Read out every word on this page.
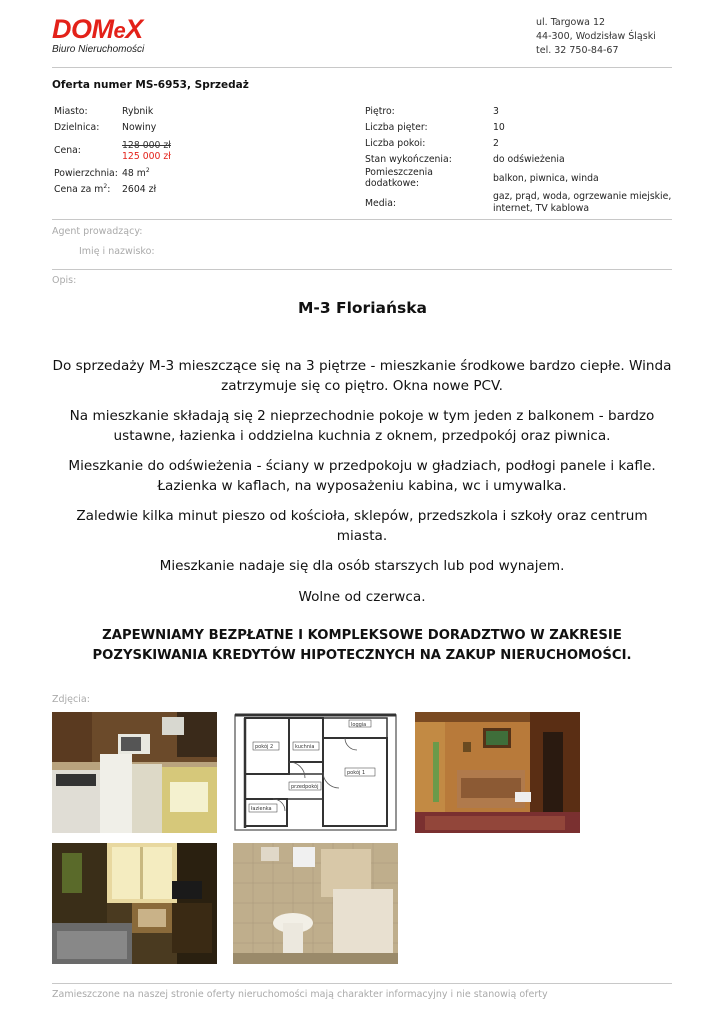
DOMeX
Biuro Nieruchomości
ul. Targowa 12
44-300, Wodzisław Śląski
tel. 32 750-84-67
Oferta numer MS-6953, Sprzedaż
Miasto:	Rybnik
Dzielnica:	Nowiny
Cena:	128 000 zł
125 000 zł

Powierzchnia:	48 $m^2$
Cena za $m^2$:	2604 zł
Piętro:	3
Liczba pięter:	10
Liczba pokoi:	2
Stan wykończenia:	do odświeżenia
Pomieszczenia dodatkowe:	balkon, piwnica, winda
Media:	gaz, prąd, woda, ogrzewanie miejskie, internet, TV kablowa
Agent prowadzący:
Imię i nazwisko:
Opis:
M-3 Floriańska

Do sprzedaży M-3 mieszczące się na 3 piętrze - mieszkanie środkowe bardzo ciepłe. Winda zatrzymuje się co piętro. Okna nowe PCV.

Na mieszkanie składają się 2 nieprzechodnie pokoje w tym jeden z balkonem - bardzo ustawne, łazienka i oddzielna kuchnia z oknem, przedpokój oraz piwnica.

Mieszkanie do odświeżenia - ściany w przedpokoju w gładziach, podłogi panele i kafle. Łazienka w kaflach, na wyposażeniu kabina, wc i umywalka.

Zaledwie kilka minut pieszo od kościoła, sklepów, przedszkola i szkoły oraz centrum miasta.

Mieszkanie nadaje się dla osób starszych lub pod wynajem.

Wolne od czerwca.

ZAPEWNIAMY BEZPŁATNE I KOMPLEKSOWE DORADZTWO W ZAKRESIE
POZYSKIWANIA KREDYTÓW HIPOTECZNYCH NA ZAKUP NIERUCHOMOŚCI.
Zdjęcia:
pokój 2	kuchnia
loggia
pokój 1
przedpokój
łazienka
Zamieszczone na naszej stronie oferty nieruchomości mają charakter informacyjny i nie stanowią oferty
